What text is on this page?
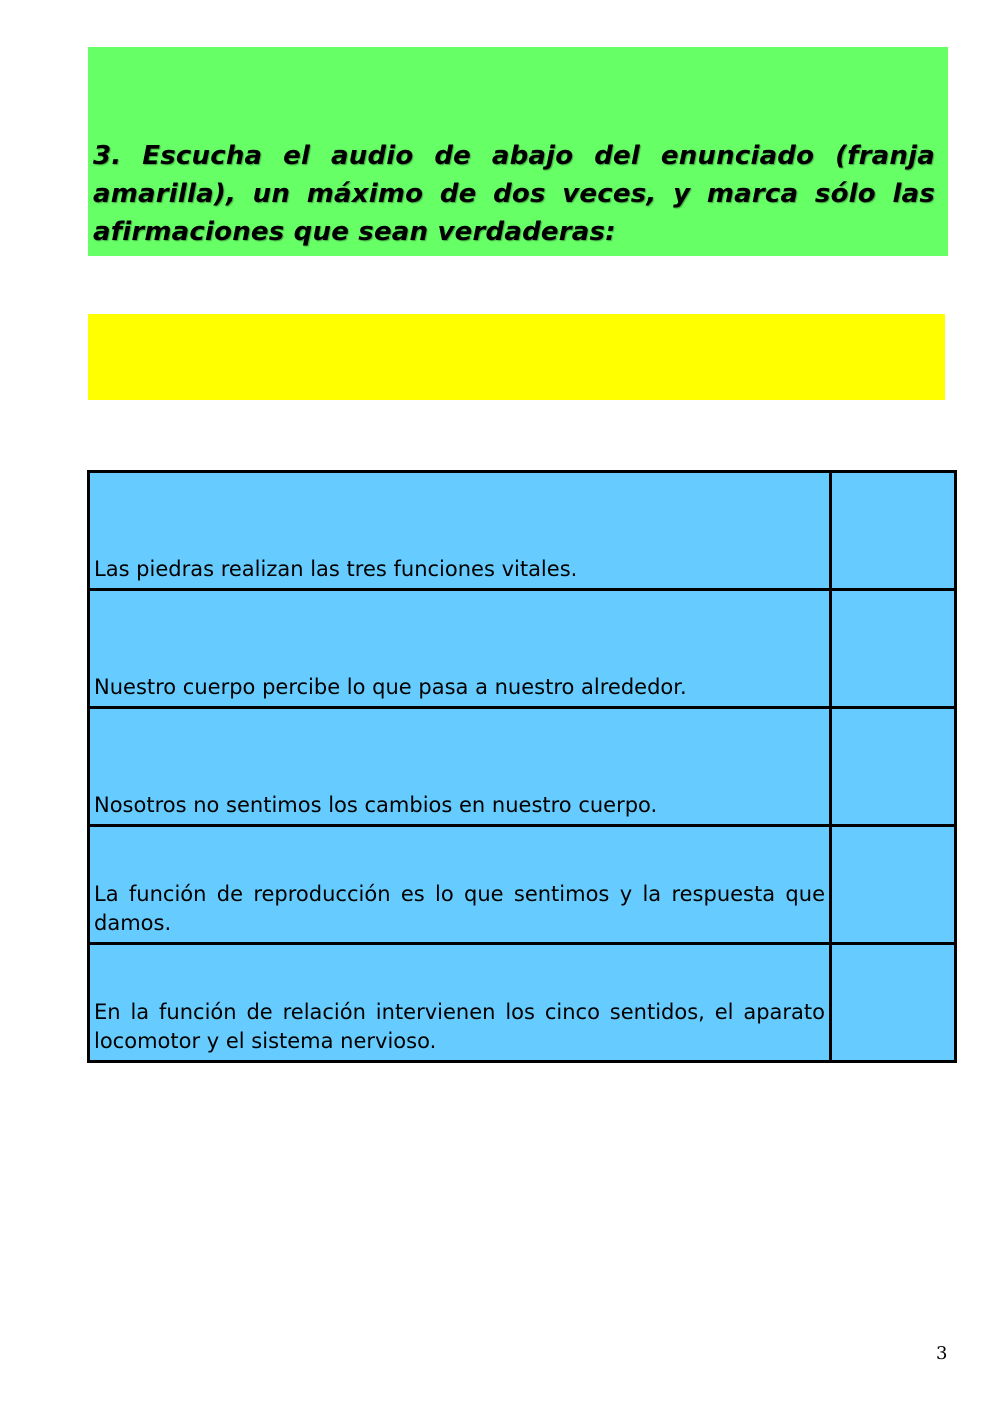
3. Escucha el audio de abajo del enunciado (franja amarilla), un máximo de dos veces, y marca sólo las afirmaciones que sean verdaderas:

Las piedras realizan las tres funciones vitales.	
Nuestro cuerpo percibe lo que pasa a nuestro alrededor.	
Nosotros no sentimos los cambios en nuestro cuerpo.	
La función de reproducción es lo que sentimos y la respuesta que damos.	
En la función de relación intervienen los cinco sentidos, el aparato locomotor y el sistema nervioso.	
3
